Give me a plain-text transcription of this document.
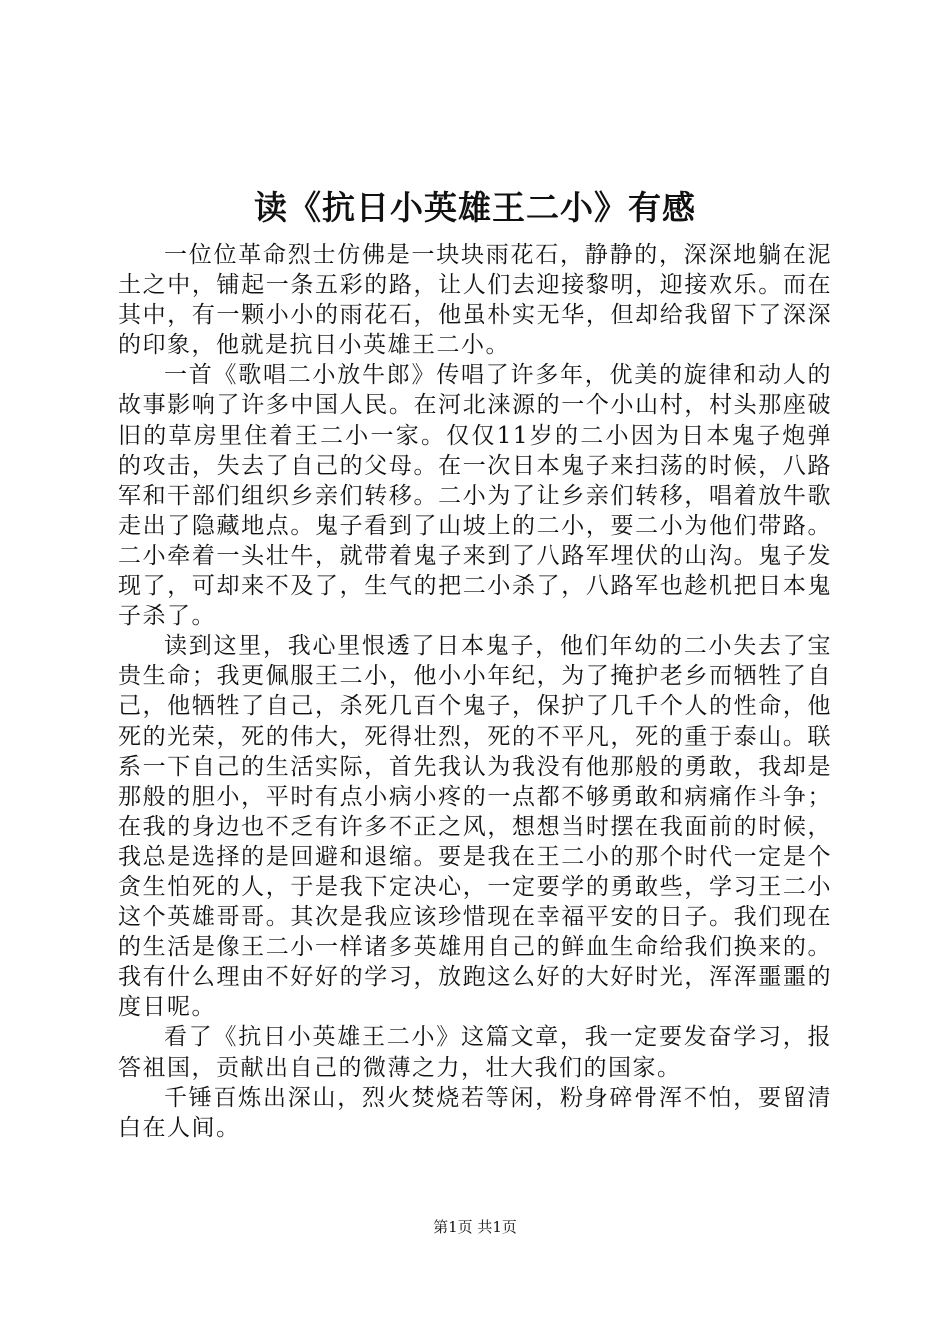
读《抗日小英雄王二小》有感

一位位革命烈士仿佛是一块块雨花石，静静的，深深地躺在泥土之中，铺起一条五彩的路，让人们去迎接黎明，迎接欢乐。而在其中，有一颗小小的雨花石，他虽朴实无华，但却给我留下了深深的印象，他就是抗日小英雄王二小。

一首《歌唱二小放牛郎》传唱了许多年，优美的旋律和动人的故事影响了许多中国人民。在河北涞源的一个小山村，村头那座破旧的草房里住着王二小一家。仅仅11岁的二小因为日本鬼子炮弹的攻击，失去了自己的父母。在一次日本鬼子来扫荡的时候，八路军和干部们组织乡亲们转移。二小为了让乡亲们转移，唱着放牛歌走出了隐藏地点。鬼子看到了山坡上的二小，要二小为他们带路。二小牵着一头壮牛，就带着鬼子来到了八路军埋伏的山沟。鬼子发现了，可却来不及了，生气的把二小杀了，八路军也趁机把日本鬼子杀了。

读到这里，我心里恨透了日本鬼子，他们年幼的二小失去了宝贵生命；我更佩服王二小，他小小年纪，为了掩护老乡而牺牲了自己，他牺牲了自己，杀死几百个鬼子，保护了几千个人的性命，他死的光荣，死的伟大，死得壮烈，死的不平凡，死的重于泰山。联系一下自己的生活实际，首先我认为我没有他那般的勇敢，我却是那般的胆小，平时有点小病小疼的一点都不够勇敢和病痛作斗争；在我的身边也不乏有许多不正之风，想想当时摆在我面前的时候，我总是选择的是回避和退缩。要是我在王二小的那个时代一定是个贪生怕死的人，于是我下定决心，一定要学的勇敢些，学习王二小这个英雄哥哥。其次是我应该珍惜现在幸福平安的日子。我们现在的生活是像王二小一样诸多英雄用自己的鲜血生命给我们换来的。我有什么理由不好好的学习，放跑这么好的大好时光，浑浑噩噩的度日呢。

看了《抗日小英雄王二小》这篇文章，我一定要发奋学习，报答祖国，贡献出自己的微薄之力，壮大我们的国家。

千锤百炼出深山，烈火焚烧若等闲，粉身碎骨浑不怕，要留清白在人间。

第1页 共1页
